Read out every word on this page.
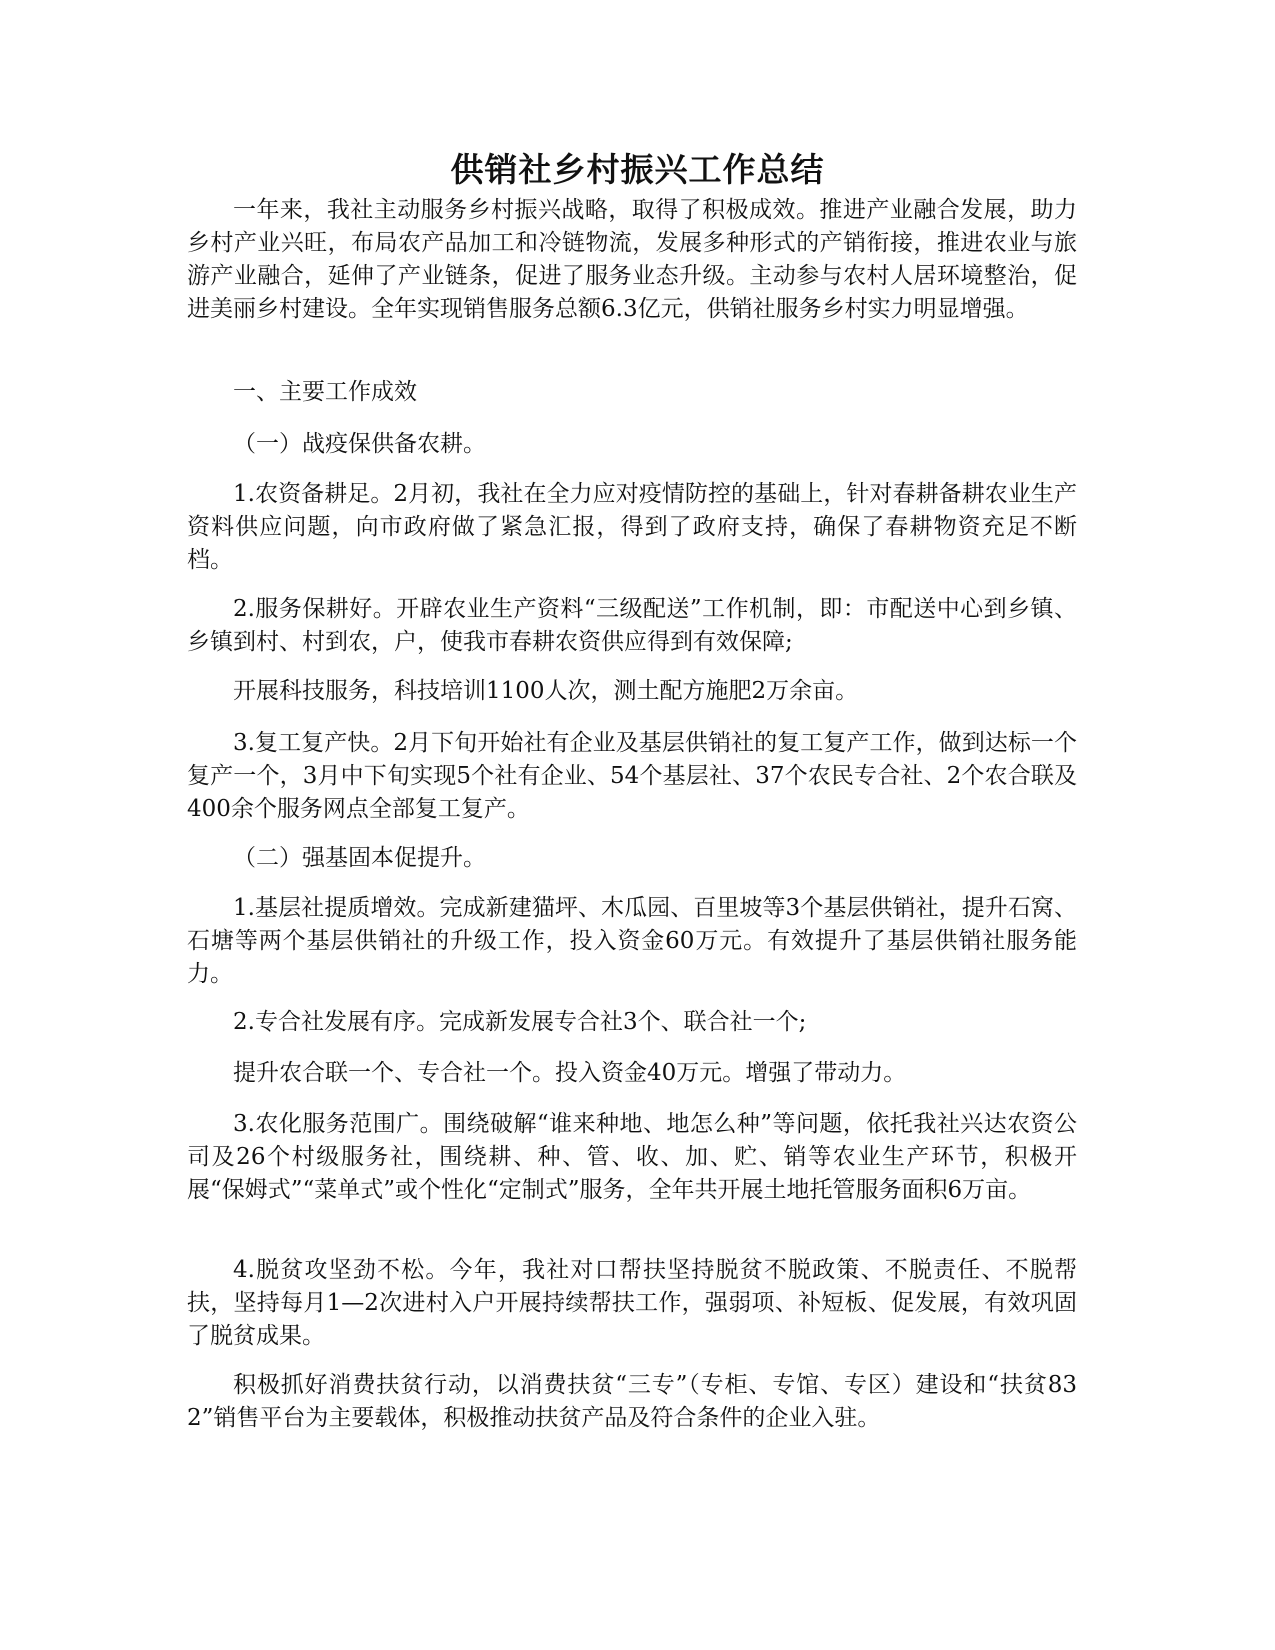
供销社乡村振兴工作总结

一年来，我社主动服务乡村振兴战略，取得了积极成效。推进产业融合发展，助力乡村产业兴旺，布局农产品加工和冷链物流，发展多种形式的产销衔接，推进农业与旅游产业融合，延伸了产业链条，促进了服务业态升级。主动参与农村人居环境整治，促进美丽乡村建设。全年实现销售服务总额6.3亿元，供销社服务乡村实力明显增强。

一、主要工作成效

（一）战疫保供备农耕。

1.农资备耕足。2月初，我社在全力应对疫情防控的基础上，针对春耕备耕农业生产资料供应问题，向市政府做了紧急汇报，得到了政府支持，确保了春耕物资充足不断档。

2.服务保耕好。开辟农业生产资料“三级配送”工作机制，即：市配送中心到乡镇、乡镇到村、村到农，户，使我市春耕农资供应得到有效保障;

开展科技服务，科技培训1100人次，测土配方施肥2万余亩。

3.复工复产快。2月下旬开始社有企业及基层供销社的复工复产工作，做到达标一个复产一个，3月中下旬实现5个社有企业、54个基层社、37个农民专合社、2个农合联及400余个服务网点全部复工复产。

（二）强基固本促提升。

1.基层社提质增效。完成新建猫坪、木瓜园、百里坡等3个基层供销社，提升石窝、石塘等两个基层供销社的升级工作，投入资金60万元。有效提升了基层供销社服务能力。

2.专合社发展有序。完成新发展专合社3个、联合社一个;

提升农合联一个、专合社一个。投入资金40万元。增强了带动力。

3.农化服务范围广。围绕破解“谁来种地、地怎么种”等问题，依托我社兴达农资公司及26个村级服务社，围绕耕、种、管、收、加、贮、销等农业生产环节，积极开展“保姆式”“菜单式”或个性化“定制式”服务，全年共开展土地托管服务面积6万亩。

4.脱贫攻坚劲不松。今年，我社对口帮扶坚持脱贫不脱政策、不脱责任、不脱帮扶，坚持每月1—2次进村入户开展持续帮扶工作，强弱项、补短板、促发展，有效巩固了脱贫成果。

积极抓好消费扶贫行动，以消费扶贫“三专”（专柜、专馆、专区）建设和“扶贫832”销售平台为主要载体，积极推动扶贫产品及符合条件的企业入驻。
